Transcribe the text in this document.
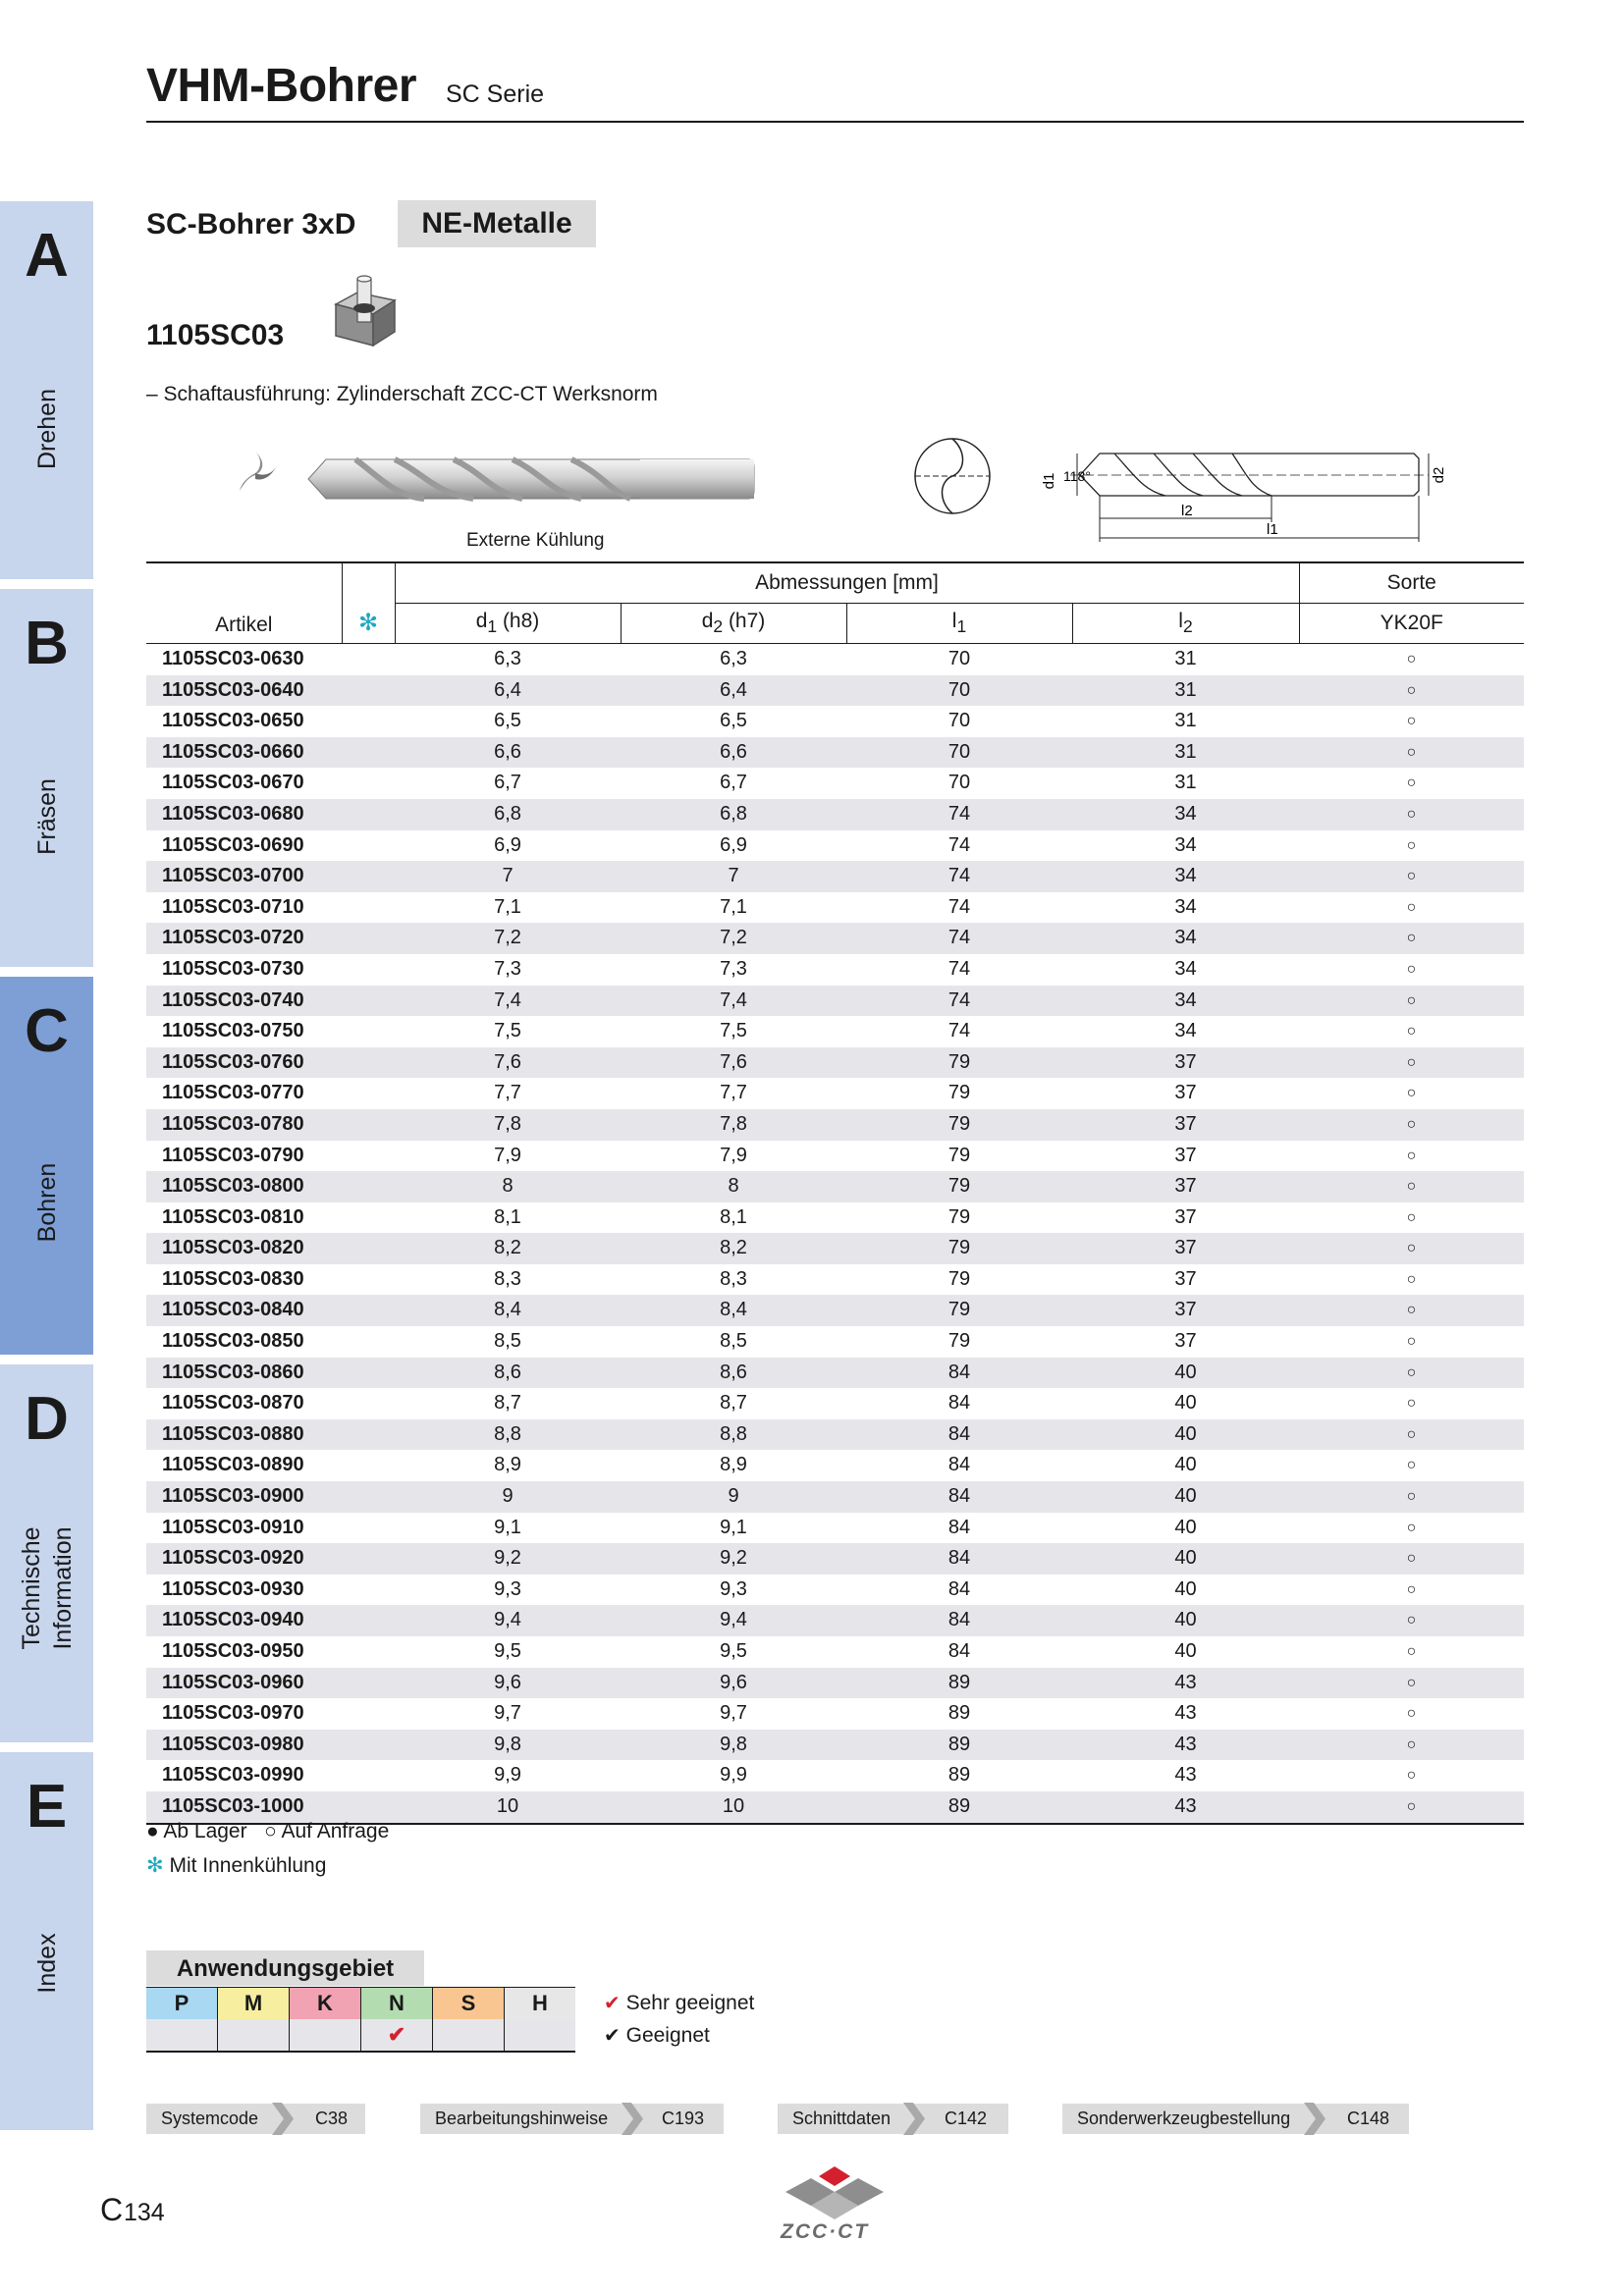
VHM-Bohrer SC Serie
A
Drehen
B
Fräsen
C
Bohren
D
Technische Information
E
Index
SC-Bohrer 3xD	NE-Metalle
1105SC03
– Schaftausführung: Zylinderschaft ZCC-CT Werksnorm
Externe Kühlung
d1 118°	d2
l2
l1
Artikel	✻	Abmessungen [mm]				Sorte
		$d_1$ (h8)	$d_2$ (h7)	$l_1$	$l_2$	YK20F
1105SC03-0630		6,3	6,3	70	31	○
1105SC03-0640		6,4	6,4	70	31	○
1105SC03-0650		6,5	6,5	70	31	○
1105SC03-0660		6,6	6,6	70	31	○
1105SC03-0670		6,7	6,7	70	31	○
1105SC03-0680		6,8	6,8	74	34	○
1105SC03-0690		6,9	6,9	74	34	○
1105SC03-0700		7	7	74	34	○
1105SC03-0710		7,1	7,1	74	34	○
1105SC03-0720		7,2	7,2	74	34	○
1105SC03-0730		7,3	7,3	74	34	○
1105SC03-0740		7,4	7,4	74	34	○
1105SC03-0750		7,5	7,5	74	34	○
1105SC03-0760		7,6	7,6	79	37	○
1105SC03-0770		7,7	7,7	79	37	○
1105SC03-0780		7,8	7,8	79	37	○
1105SC03-0790		7,9	7,9	79	37	○
1105SC03-0800		8	8	79	37	○
1105SC03-0810		8,1	8,1	79	37	○
1105SC03-0820		8,2	8,2	79	37	○
1105SC03-0830		8,3	8,3	79	37	○
1105SC03-0840		8,4	8,4	79	37	○
1105SC03-0850		8,5	8,5	79	37	○
1105SC03-0860		8,6	8,6	84	40	○
1105SC03-0870		8,7	8,7	84	40	○
1105SC03-0880		8,8	8,8	84	40	○
1105SC03-0890		8,9	8,9	84	40	○
1105SC03-0900		9	9	84	40	○
1105SC03-0910		9,1	9,1	84	40	○
1105SC03-0920		9,2	9,2	84	40	○
1105SC03-0930		9,3	9,3	84	40	○
1105SC03-0940		9,4	9,4	84	40	○
1105SC03-0950		9,5	9,5	84	40	○
1105SC03-0960		9,6	9,6	89	43	○
1105SC03-0970		9,7	9,7	89	43	○
1105SC03-0980		9,8	9,8	89	43	○
1105SC03-0990		9,9	9,9	89	43	○
1105SC03-1000		10	10	89	43	○
● Ab Lager ○ Auf Anfrage
✻ Mit Innenkühlung
Anwendungsgebiet
P	M	K	N	S	H
			✔		
✔ Sehr geeignet
✔ Geeignet
Systemcode	C38	Bearbeitungshinweise	C193	Schnittdaten	C142	Sonderwerkzeugbestellung	C148
C 134
ZCC·CT
